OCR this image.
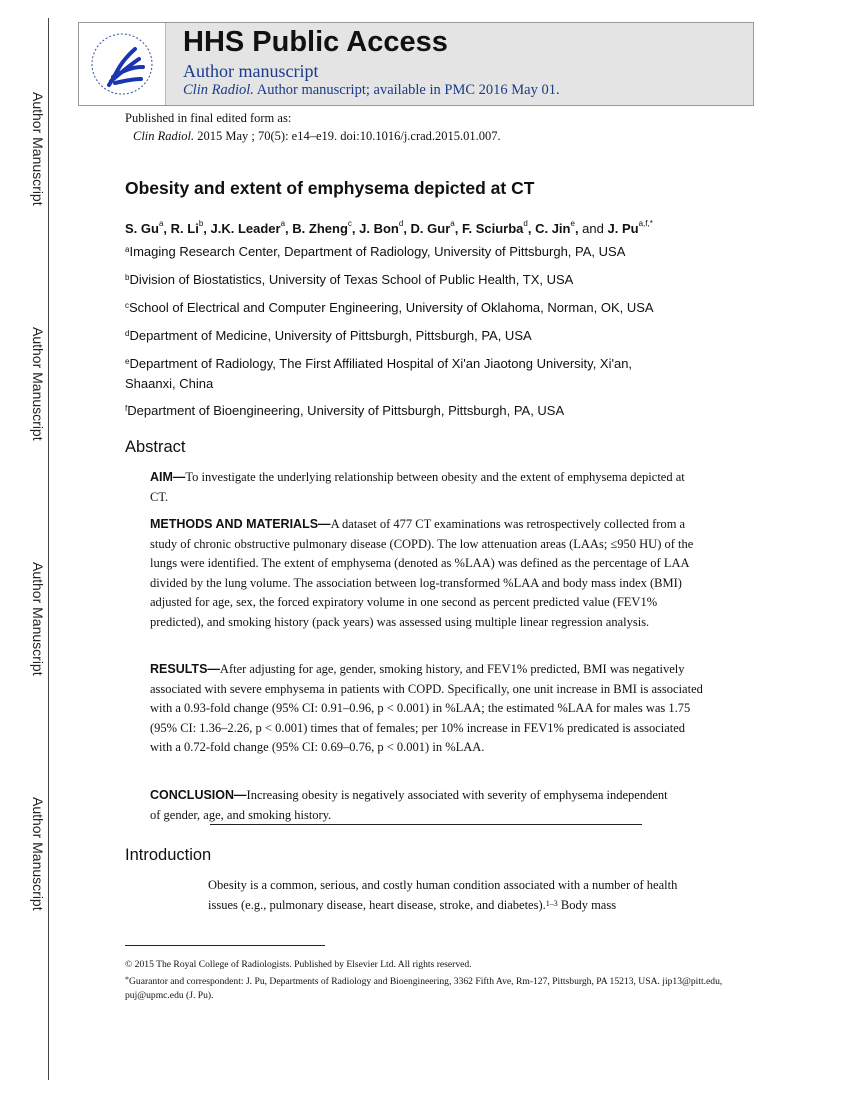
Author Manuscript
Author Manuscript
Author Manuscript
Author Manuscript
HHS Public Access
Author manuscript
Clin Radiol. Author manuscript; available in PMC 2016 May 01.
Published in final edited form as:
Clin Radiol. 2015 May ; 70(5): e14–e19. doi:10.1016/j.crad.2015.01.007.
Obesity and extent of emphysema depicted at CT
S. Gu$^a$, R. Li$^b$, J.K. Leader$^a$, B. Zheng$^c$, J. Bon$^d$, D. Gur$^a$, F. Sciurba$^d$, C. Jin$^e$, and J. $Pu^{a,f,*}$
$^a$Imaging Research Center, Department of Radiology, University of Pittsburgh, PA, USA
$^b$Division of Biostatistics, University of Texas School of Public Health, TX, USA
$^c$School of Electrical and Computer Engineering, University of Oklahoma, Norman, OK, USA
$^d$Department of Medicine, University of Pittsburgh, Pittsburgh, PA, USA
$^e$Department of Radiology, The First Affiliated Hospital of Xi'an Jiaotong University, Xi'an, Shaanxi, China
$^f$Department of Bioengineering, University of Pittsburgh, Pittsburgh, PA, USA
Abstract
AIM—To investigate the underlying relationship between obesity and the extent of emphysema depicted at CT.
METHODS AND MATERIALS—A dataset of 477 CT examinations was retrospectively collected from a study of chronic obstructive pulmonary disease (COPD). The low attenuation areas (LAAs; ≤950 HU) of the lungs were identified. The extent of emphysema (denoted as %LAA) was defined as the percentage of LAA divided by the lung volume. The association between log-transformed %LAA and body mass index (BMI) adjusted for age, sex, the forced expiratory volume in one second as percent predicted value (FEV1% predicted), and smoking history (pack years) was assessed using multiple linear regression analysis.
RESULTS—After adjusting for age, gender, smoking history, and FEV1% predicted, BMI was negatively associated with severe emphysema in patients with COPD. Specifically, one unit increase in BMI is associated with a 0.93-fold change (95% CI: 0.91–0.96, p < 0.001) in %LAA; the estimated %LAA for males was 1.75 (95% CI: 1.36–2.26, p < 0.001) times that of females; per 10% increase in FEV1% predicated is associated with a 0.72-fold change (95% CI: 0.69–0.76, p < 0.001) in %LAA.
CONCLUSION—Increasing obesity is negatively associated with severity of emphysema independent of gender, age, and smoking history.
Introduction
Obesity is a common, serious, and costly human condition associated with a number of health issues (e.g., pulmonary disease, heart disease, stroke, and diabetes).$^{1-3}$ Body mass
© 2015 The Royal College of Radiologists. Published by Elsevier Ltd. All rights reserved.
*Guarantor and correspondent: J. Pu, Departments of Radiology and Bioengineering, 3362 Fifth Ave, Rm-127, Pittsburgh, PA 15213, USA. jip13@pitt.edu, puj@upmc.edu (J. Pu).
